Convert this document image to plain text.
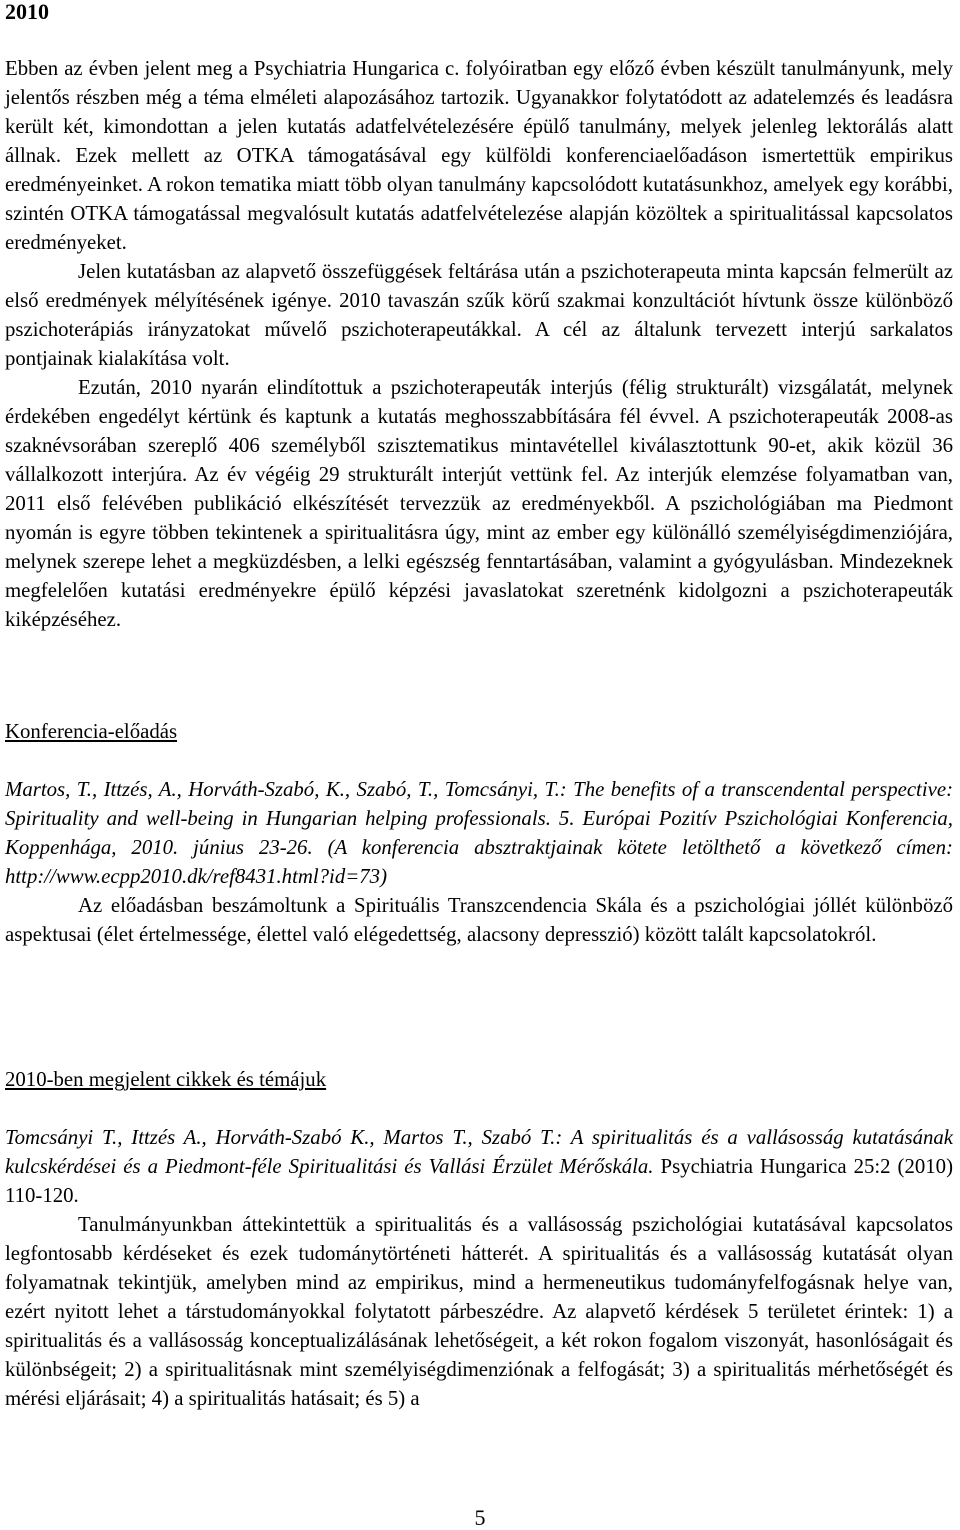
2010

Ebben az évben jelent meg a Psychiatria Hungarica c. folyóiratban egy előző évben készült tanulmányunk, mely jelentős részben még a téma elméleti alapozásához tartozik. Ugyanakkor folytatódott az adatelemzés és leadásra került két, kimondottan a jelen kutatás adatfelvételezésére épülő tanulmány, melyek jelenleg lektorálás alatt állnak. Ezek mellett az OTKA támogatásával egy külföldi konferenciaelőadáson ismertettük empirikus eredményeinket. A rokon tematika miatt több olyan tanulmány kapcsolódott kutatásunkhoz, amelyek egy korábbi, szintén OTKA támogatással megvalósult kutatás adatfelvételezése alapján közöltek a spiritualitással kapcsolatos eredményeket.

Jelen kutatásban az alapvető összefüggések feltárása után a pszichoterapeuta minta kapcsán felmerült az első eredmények mélyítésének igénye. 2010 tavaszán szűk körű szakmai konzultációt hívtunk össze különböző pszichoterápiás irányzatokat művelő pszichoterapeutákkal. A cél az általunk tervezett interjú sarkalatos pontjainak kialakítása volt.

Ezután, 2010 nyarán elindítottuk a pszichoterapeuták interjús (félig strukturált) vizsgálatát, melynek érdekében engedélyt kértünk és kaptunk a kutatás meghosszabbítására fél évvel. A pszichoterapeuták 2008-as szaknévsorában szereplő 406 személyből szisztematikus mintavétellel kiválasztottunk 90-et, akik közül 36 vállalkozott interjúra. Az év végéig 29 strukturált interjút vettünk fel. Az interjúk elemzése folyamatban van, 2011 első felévében publikáció elkészítését tervezzük az eredményekből. A pszichológiában ma Piedmont nyomán is egyre többen tekintenek a spiritualitásra úgy, mint az ember egy különálló személyiségdimenziójára, melynek szerepe lehet a megküzdésben, a lelki egészség fenntartásában, valamint a gyógyulásban. Mindezeknek megfelelően kutatási eredményekre épülő képzési javaslatokat szeretnénk kidolgozni a pszichoterapeuták kiképzéséhez.

Konferencia-előadás

Martos, T., Ittzés, A., Horváth-Szabó, K., Szabó, T., Tomcsányi, T.: The benefits of a transcendental perspective: Spirituality and well-being in Hungarian helping professionals. 5. Európai Pozitív Pszichológiai Konferencia, Koppenhága, 2010. június 23-26. (A konferencia absztraktjainak kötete letölthető a következő címen: http://www.ecpp2010.dk/ref8431.html?id=73)

Az előadásban beszámoltunk a Spirituális Transzcendencia Skála és a pszichológiai jóllét különböző aspektusai (élet értelmessége, élettel való elégedettség, alacsony depresszió) között talált kapcsolatokról.

2010-ben megjelent cikkek és témájuk

Tomcsányi T., Ittzés A., Horváth-Szabó K., Martos T., Szabó T.: A spiritualitás és a vallásosság kutatásának kulcskérdései és a Piedmont-féle Spiritualitási és Vallási Érzület Mérőskála. Psychiatria Hungarica 25:2 (2010) 110-120.

Tanulmányunkban áttekintettük a spiritualitás és a vallásosság pszichológiai kutatásával kapcsolatos legfontosabb kérdéseket és ezek tudománytörténeti hátterét. A spiritualitás és a vallásosság kutatását olyan folyamatnak tekintjük, amelyben mind az empirikus, mind a hermeneutikus tudományfelfogásnak helye van, ezért nyitott lehet a társtudományokkal folytatott párbeszédre. Az alapvető kérdések 5 területet érintek: 1) a spiritualitás és a vallásosság konceptualizálásának lehetőségeit, a két rokon fogalom viszonyát, hasonlóságait és különbségeit; 2) a spiritualitásnak mint személyiségdimenziónak a felfogását; 3) a spiritualitás mérhetőségét és mérési eljárásait; 4) a spiritualitás hatásait; és 5) a

5
